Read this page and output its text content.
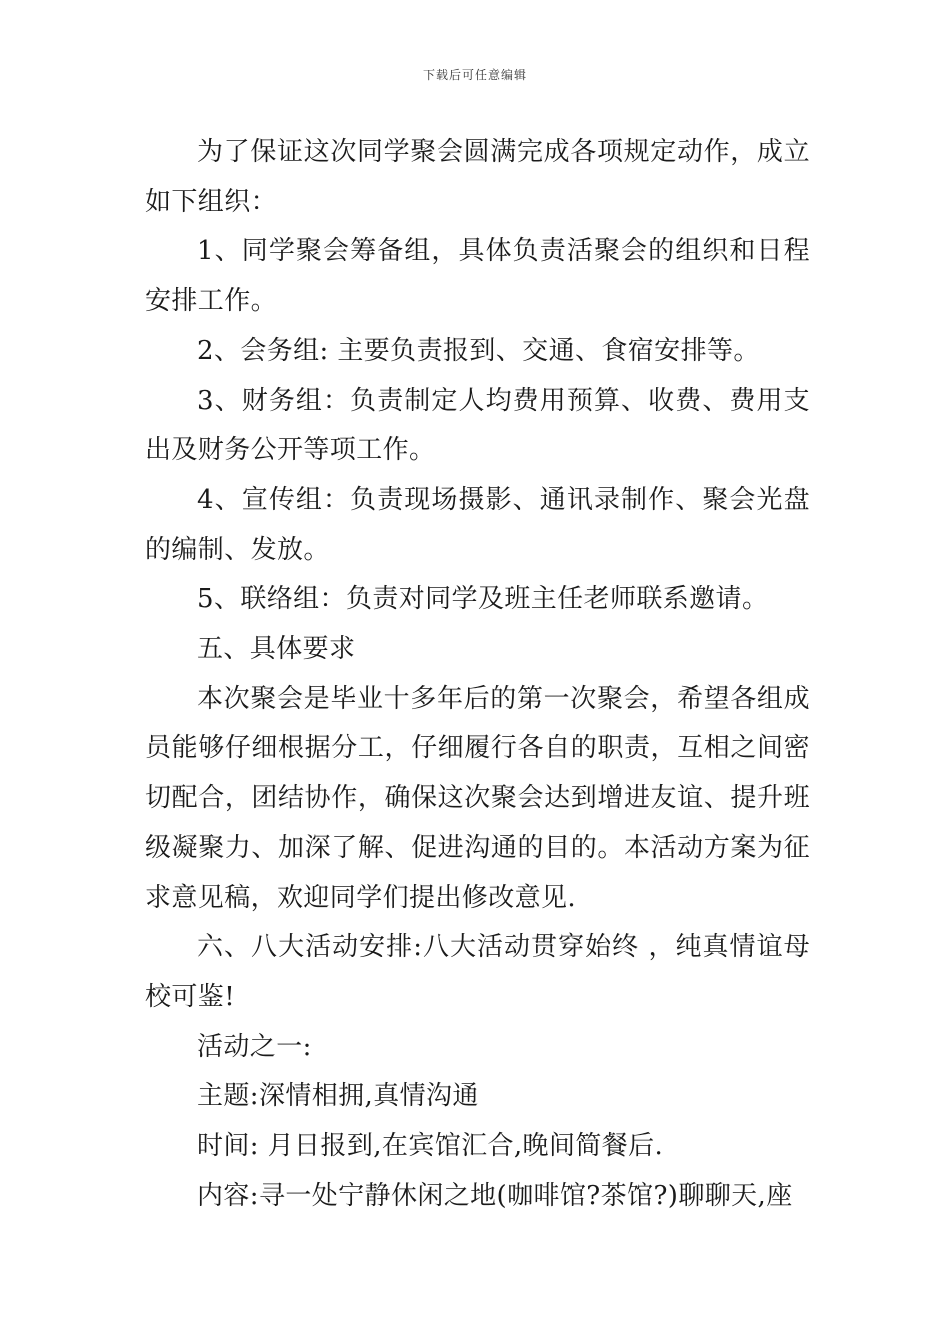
下载后可任意编辑

为了保证这次同学聚会圆满完成各项规定动作，成立如下组织：

1、同学聚会筹备组，具体负责活聚会的组织和日程安排工作。

2、会务组: 主要负责报到、交通、食宿安排等。

3、财务组：负责制定人均费用预算、收费、费用支出及财务公开等项工作。

4、宣传组：负责现场摄影、通讯录制作、聚会光盘的编制、发放。

5、联络组：负责对同学及班主任老师联系邀请。

五、具体要求

本次聚会是毕业十多年后的第一次聚会，希望各组成员能够仔细根据分工，仔细履行各自的职责，互相之间密切配合，团结协作，确保这次聚会达到增进友谊、提升班级凝聚力、加深了解、促进沟通的目的。本活动方案为征求意见稿，欢迎同学们提出修改意见.

六、八大活动安排:八大活动贯穿始终 ，纯真情谊母校可鉴!

活动之一:

主题:深情相拥,真情沟通

时间: 月日报到,在宾馆汇合,晚间简餐后.

内容:寻一处宁静休闲之地(咖啡馆?茶馆?)聊聊天,座
